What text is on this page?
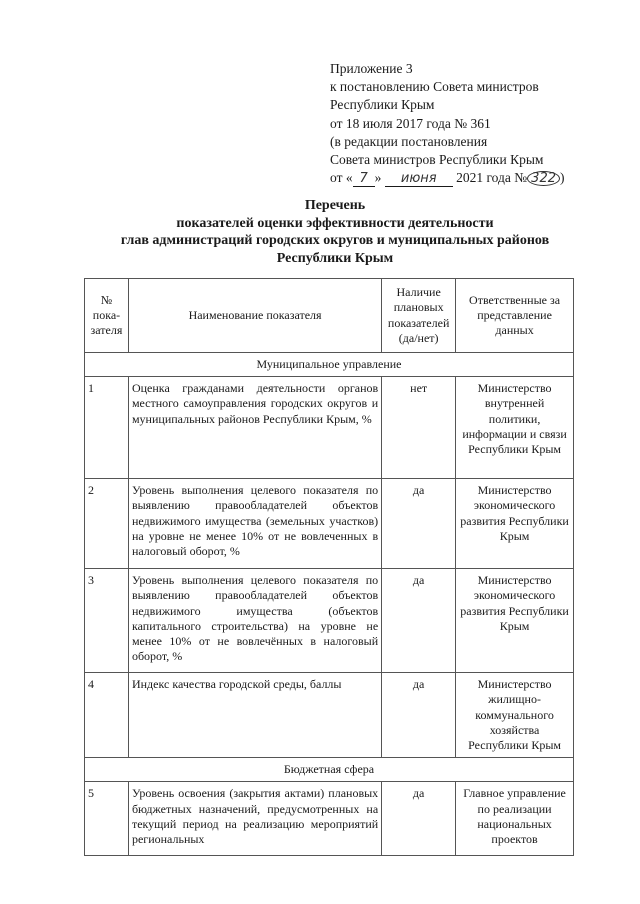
Приложение 3
к постановлению Совета министров
Республики Крым
от 18 июля 2017 года № 361
(в редакции постановления
Совета министров Республики Крым
от « 7 » июня 2021 года № 322 )
Перечень
показателей оценки эффективности деятельности
глав администраций городских округов и муниципальных районов
Республики Крым
№ пока-зателя	Наименование показателя	Наличие плановых показателей (да/нет)	Ответственные за представление данных
Муниципальное управление			
1	Оценка гражданами деятельности органов местного самоуправления городских округов и муниципальных районов Республики Крым, %	нет	Министерство внутренней политики, информации и связи Республики Крым
2	Уровень выполнения целевого показателя по выявлению правообладателей объектов недвижимого имущества (земельных участков) на уровне не менее 10% от не вовлеченных в налоговый оборот, %	да	Министерство экономического развития Республики Крым
3	Уровень выполнения целевого показателя по выявлению правообладателей объектов недвижимого имущества (объектов капитального строительства) на уровне не менее 10% от не вовлечённых в налоговый оборот, %	да	Министерство экономического развития Республики Крым
4	Индекс качества городской среды, баллы	да	Министерство жилищно-коммунального хозяйства Республики Крым
Бюджетная сфера			
5	Уровень освоения (закрытия актами) плановых бюджетных назначений, предусмотренных на текущий период на реализацию мероприятий региональных	да	Главное управление по реализации национальных проектов
